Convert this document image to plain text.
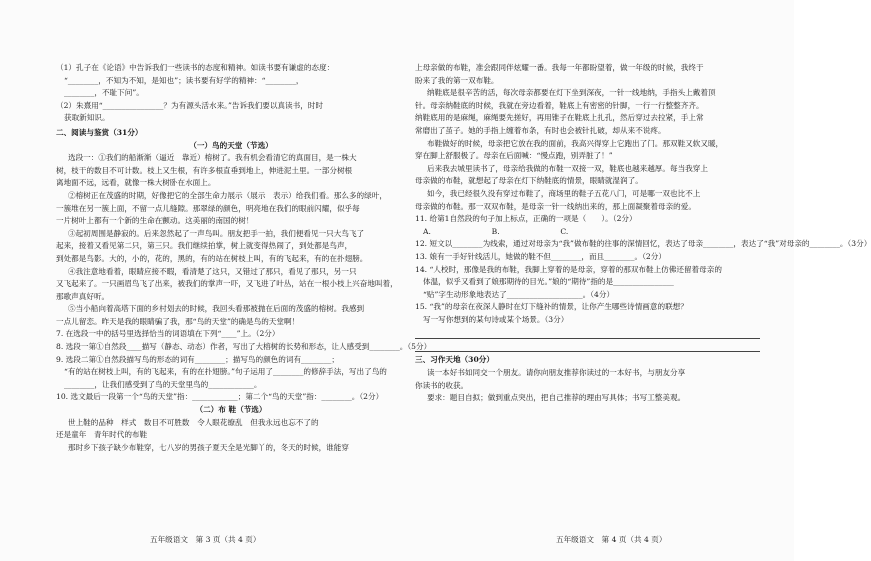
（1）孔子在《论语》中告诉我们一些读书的态度和精神。如读书要有谦虚的态度：
“________，不知为不知，是知也”；读书要有好学的精神：“________，
________，不耻下问”。
（2）朱熹用“________________？为有源头活水来。”告诉我们要以真读书，时时
获取新知识。
二、阅读与鉴赏（31分）
（一）鸟的天堂（节选）
选段一：①我们的船渐渐（逼近　靠近）榕树了。我有机会看清它的真面目，是一株大
树，枝干的数目不可计数。枝上又生根，有许多根直垂到地上，伸进泥土里。一部分树根
离地面不远，远看，就像一株大树卧在水面上。
②榕树正在茂盛的时期，好像把它的全部生命力展示（展示　表示）给我们看。那么多的绿叶，
一簇堆在另一簇上面，不留一点儿缝隙。那翠绿的颜色，明亮地在我们的眼前闪耀，似乎每
一片树叶上都有一个新的生命在颤动。这美丽的南国的树！
③起初周围是静寂的。后来忽然起了一声鸟叫。朋友把手一拍，我们便看见一只大鸟飞了
起来，接着又看见第二只，第三只。我们继续拍掌，树上就变得热闹了，到处都是鸟声，
到处都是鸟影。大的，小的，花的，黑的，有的站在树枝上叫，有的飞起来，有的在扑翅膀。
④我注意地看着，眼睛应接不暇，看清楚了这只，又错过了那只，看见了那只，另一只
又飞起来了。一只画眉鸟飞了出来，被我们的掌声一吓，又飞进了叶丛，站在一根小枝上兴奋地叫着，
那歌声真好听。
⑤当小船向着高塔下面的乡村划去的时候，我回头看那被抛在后面的茂盛的榕树。我感到
一点儿留恋。昨天是我的眼睛骗了我，那“鸟的天堂”的确是鸟的天堂啊！
7. 在选段一中的括号里选择恰当的词语填在下列“____”上。（2分）
8. 选段一第①自然段____描写（静态、动态）作者，写出了大榕树的长势和形态，让人感受到________。（5分）
9. 选段二第①自然段描写鸟的形态的词有________；描写鸟的颜色的词有________；
“有的站在树枝上叫，有的飞起来，有的在扑翅膀。”句子运用了________的修辞手法，写出了鸟的
________，让我们感受到了鸟的天堂里鸟的____________。
10. 选文最后一段第一个“鸟的天堂”指：____________；第二个“鸟的天堂”指：________。（2分）
（二）布 鞋（节选）
世上鞋的品种　样式　数目不可胜数　令人眼花缭乱　但我永远也忘不了的
还是童年　青年时代的布鞋
那时乡下孩子缺少布鞋穿，七八岁的男孩子夏天全是光脚丫的，冬天的时候，谁能穿
上母亲做的布鞋，准会跟同伴炫耀一番。我每一年都盼望着，做一年级的时候，我终于
盼来了我的第一双布鞋。
纳鞋底是很辛苦的活，每次母亲都要在灯下坐到深夜，一针一线地纳，手指头上戴着顶
针。母亲纳鞋底的时候，我就在旁边看着，鞋底上有密密的针脚，一行一行整整齐齐。
纳鞋底用的是麻绳，麻绳要先搓好，再用锥子在鞋底上扎孔，然后穿过去拉紧，手上常
常磨出了茧子。她的手指上缠着布条，有时也会被针扎破，却从来不说疼。
布鞋做好的时候，母亲把它放在我的面前，我高兴得穿上它跑出了门。那双鞋又软又暖，
穿在脚上舒服极了。母亲在后面喊：“慢点跑，别弄脏了！”
后来我去城里读书了，母亲给我做的布鞋一双接一双，鞋底也越来越厚。每当我穿上
母亲做的布鞋，就想起了母亲在灯下纳鞋底的情景，眼睛就湿润了。
如今，我已经很久没有穿过布鞋了，商场里的鞋子五花八门，可是哪一双也比不上
母亲做的布鞋。那一双双布鞋，是母亲一针一线纳出来的，那上面凝聚着母亲的爱。
11. 给第1自然段的句子加上标点，正确的一项是（　　）。（2分）
A.　　　　　　　　B.　　　　　　　　C.
12. 短文以________为线索，通过对母亲为“我”做布鞋的往事的深情回忆，表达了母亲________，表达了“我”对母亲的________。（3分）
13. 娘有一手好针线活儿，她做的鞋不但________，而且________。（2分）
14. “人校时，那像是我的布鞋，我脚上穿着的是母亲，穿着的那双布鞋上仿佛还留着母亲的
体温，似乎又看到了娘那期待的目光。”娘的“期待”指的是________________
“贴”字生动形象地表达了____________________。（4分）
15. “我”的母亲在夜深人静时在灯下缝补的情景，让你产生哪些诗情画意的联想？
写一写你想到的某句诗或某个场景。（3分）
三、习作天地（30分）
读一本好书如同交一个朋友。请你向朋友推荐你读过的一本好书，与朋友分享
你读书的收获。
要求：题目自拟；做到重点突出，把自己推荐的理由写具体；书写工整美观。
五年级语文　第 3 页（共 4 页）	五年级语文　第 4 页（共 4 页）
